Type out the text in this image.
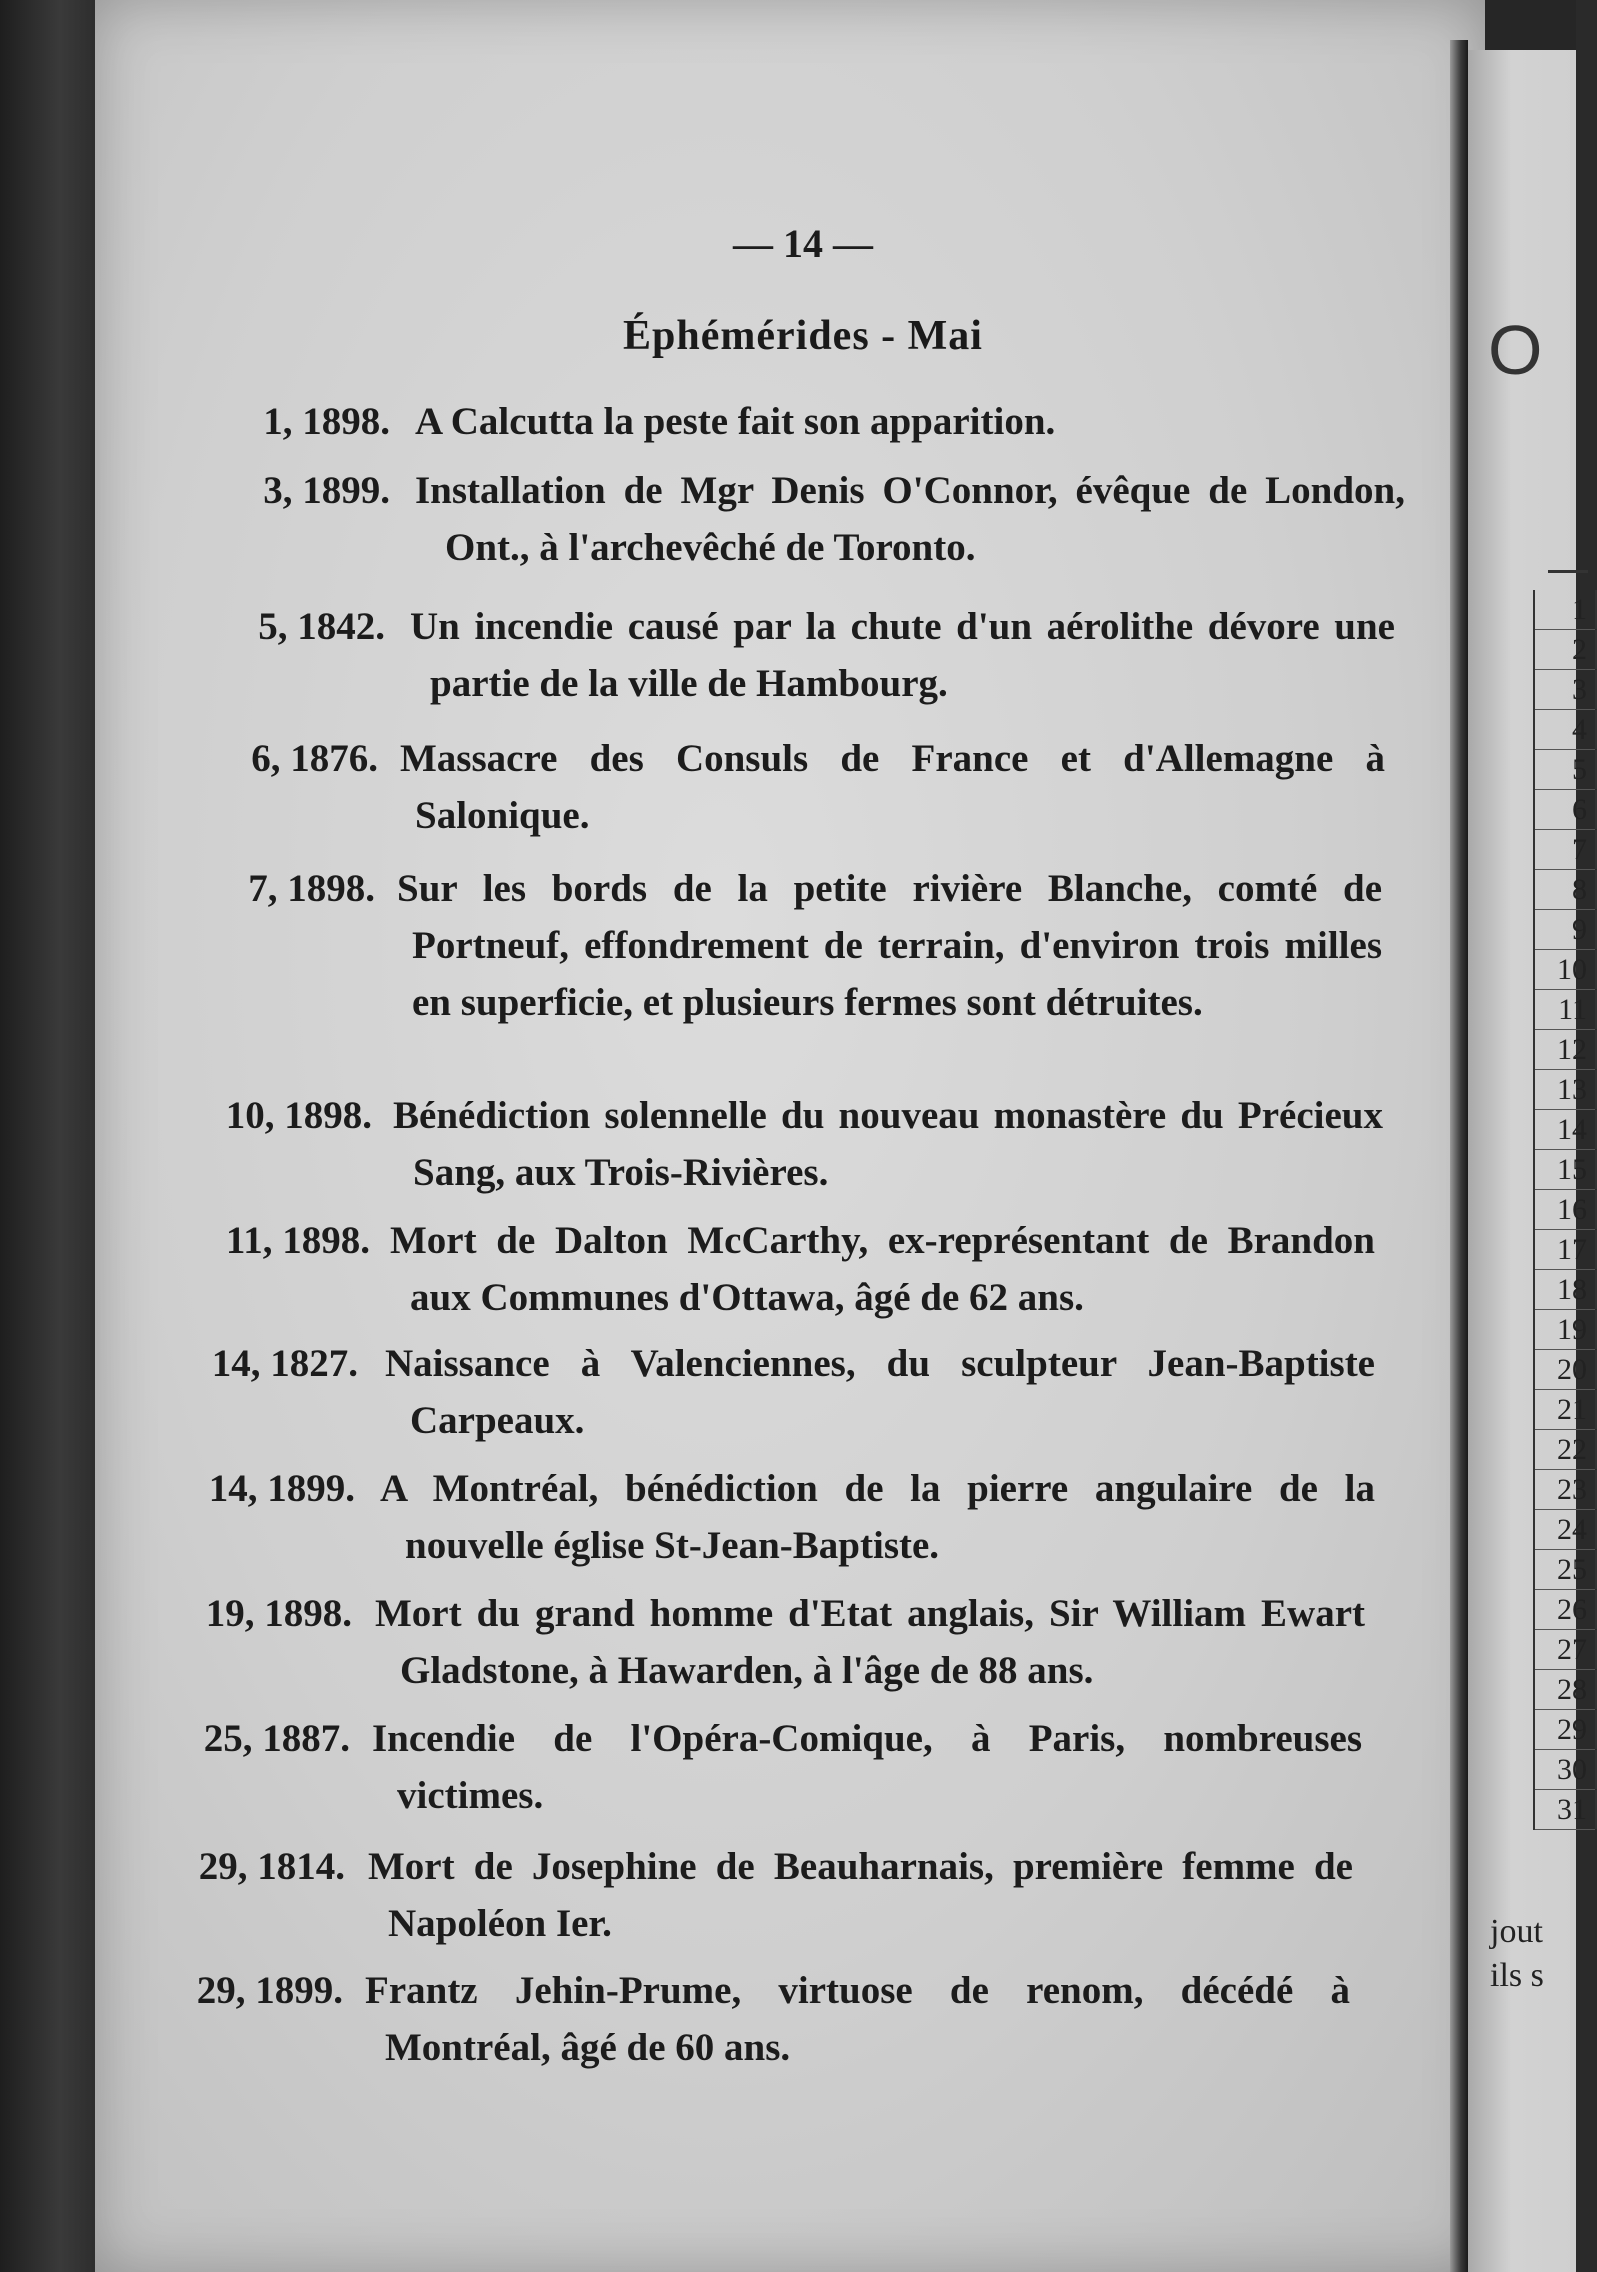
O
1
2
3
4
5
6
7
8
9
10
11
12
13
14
15
16
17
18
19
20
21
22
23
24
25
26
27
28
29
30
31
jout
ils s
— 14 —
Éphémérides - Mai
1, 1898. A Calcutta la peste fait son apparition.
3, 1899. Installation de Mgr Denis O'Connor, évêque de London, Ont., à l'archevêché de Toronto.
5, 1842. Un incendie causé par la chute d'un aérolithe dévore une partie de la ville de Hambourg.
6, 1876. Massacre des Consuls de France et d'Allemagne à Salonique.
7, 1898. Sur les bords de la petite rivière Blanche, comté de Portneuf, effondrement de terrain, d'environ trois milles en superficie, et plusieurs fermes sont détruites.
10, 1898. Bénédiction solennelle du nouveau monastère du Précieux Sang, aux Trois-Rivières.
11, 1898. Mort de Dalton McCarthy, ex-représentant de Brandon aux Communes d'Ottawa, âgé de 62 ans.
14, 1827. Naissance à Valenciennes, du sculpteur Jean-Baptiste Carpeaux.
14, 1899. A Montréal, bénédiction de la pierre angulaire de la nouvelle église St-Jean-Baptiste.
19, 1898. Mort du grand homme d'Etat anglais, Sir William Ewart Gladstone, à Hawarden, à l'âge de 88 ans.
25, 1887. Incendie de l'Opéra-Comique, à Paris, nombreuses victimes.
29, 1814. Mort de Josephine de Beauharnais, première femme de Napoléon Ier.
29, 1899. Frantz Jehin-Prume, virtuose de renom, décédé à Montréal, âgé de 60 ans.
